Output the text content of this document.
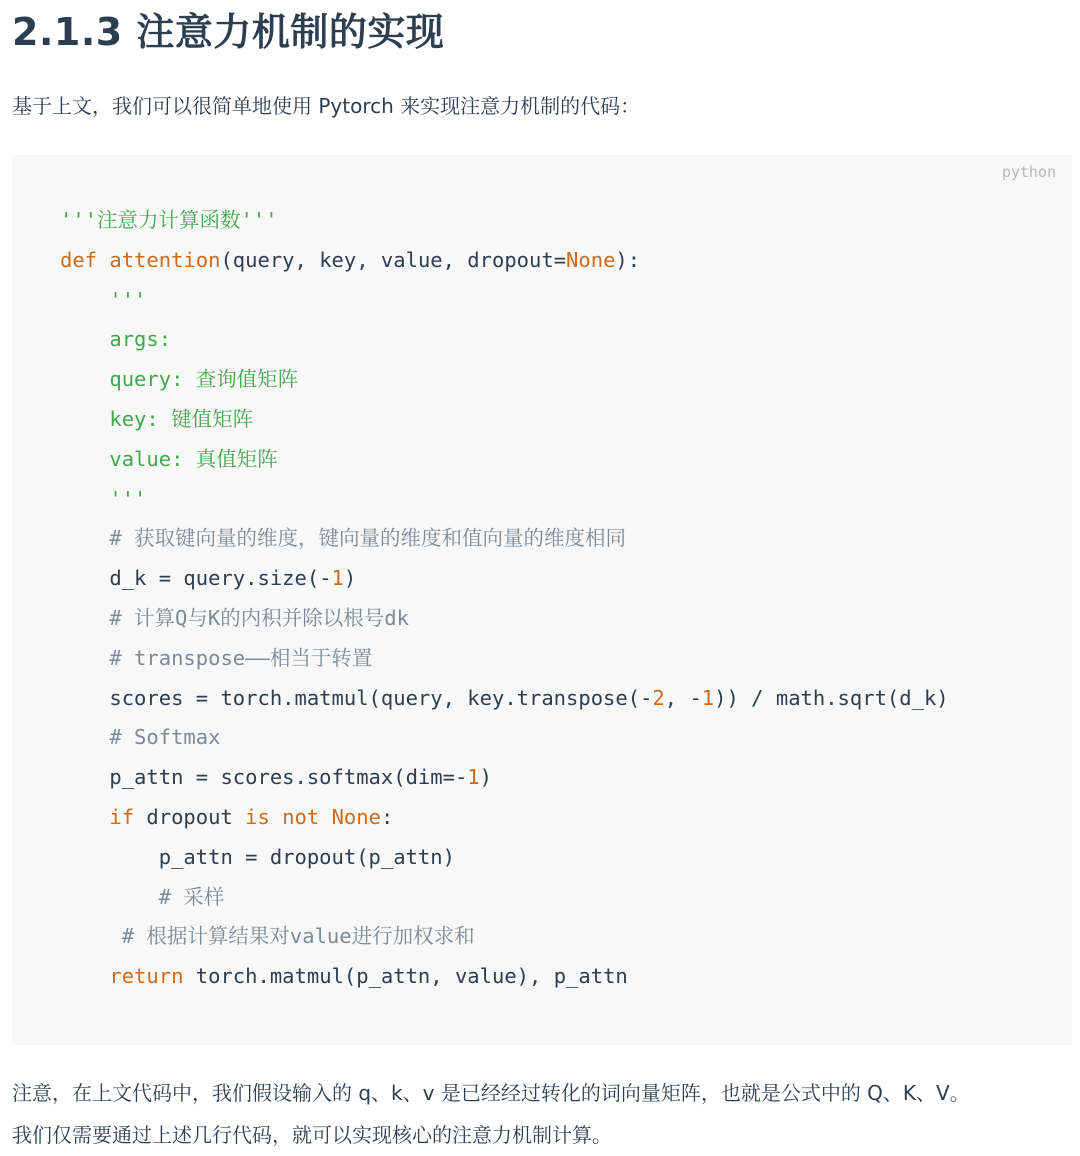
2.1.3 注意力机制的实现

基于上文，我们可以很简单地使用 Pytorch 来实现注意力机制的代码：

python
'''注意力计算函数'''
def attention(query, key, value, dropout=None):
'''
args:
query: 查询值矩阵
key: 键值矩阵
value: 真值矩阵
'''
# 获取键向量的维度，键向量的维度和值向量的维度相同
d_k = query.size(-1)
# 计算Q与K的内积并除以根号dk
# transpose——相当于转置
scores = torch.matmul(query, key.transpose(-2, -1)) / math.sqrt(d_k)
# Softmax
p_attn = scores.softmax(dim=-1)
if dropout is not None:
p_attn = dropout(p_attn)
# 采样
# 根据计算结果对value进行加权求和
return torch.matmul(p_attn, value), p_attn
注意，在上文代码中，我们假设输入的 q、k、v 是已经经过转化的词向量矩阵，也就是公式中的 Q、K、V。
我们仅需要通过上述几行代码，就可以实现核心的注意力机制计算。
